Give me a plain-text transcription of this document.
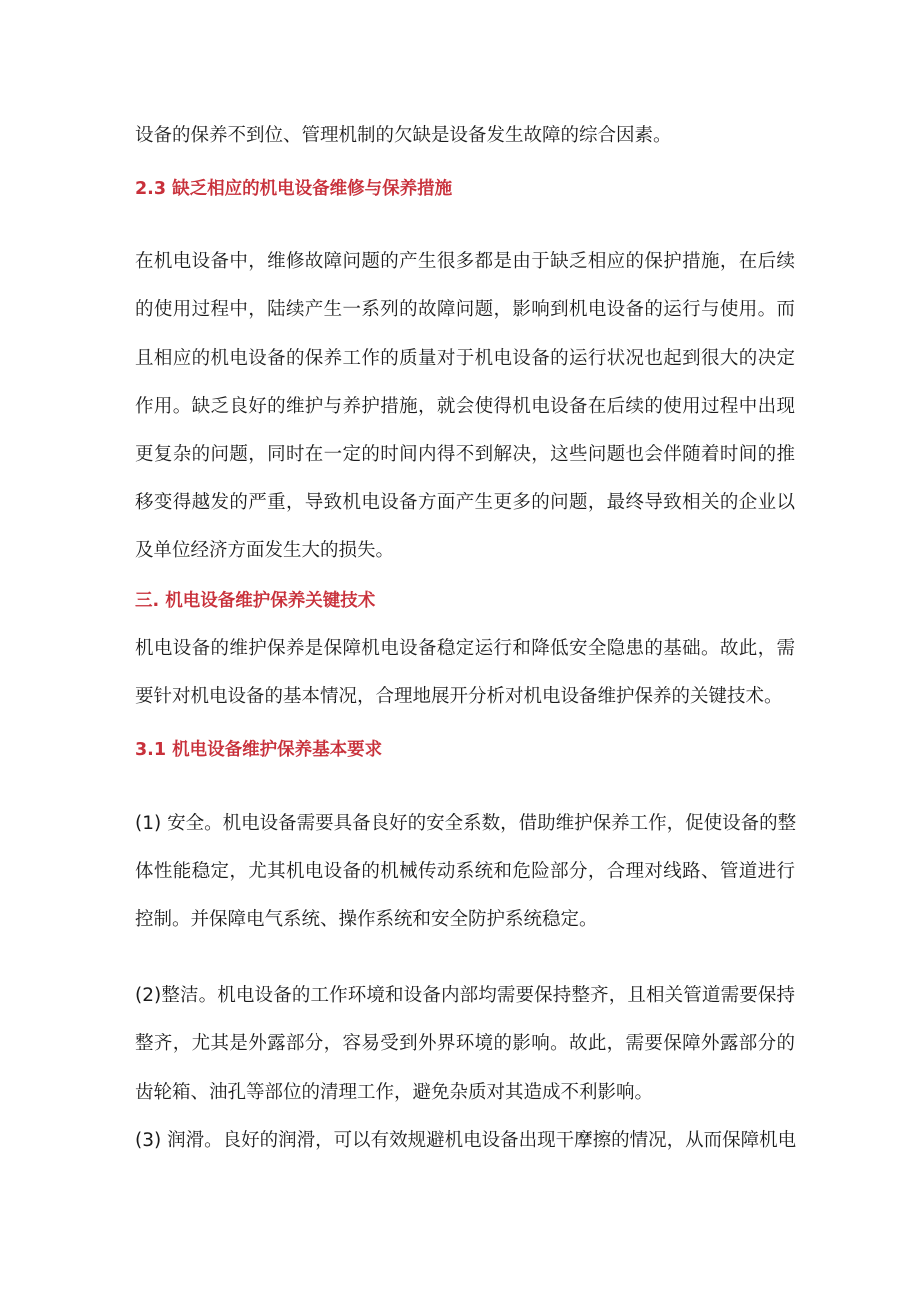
设备的保养不到位、管理机制的欠缺是设备发生故障的综合因素。
2.3 缺乏相应的机电设备维修与保养措施
在机电设备中，维修故障问题的产生很多都是由于缺乏相应的保护措施，在后续
的使用过程中，陆续产生一系列的故障问题，影响到机电设备的运行与使用。而
且相应的机电设备的保养工作的质量对于机电设备的运行状况也起到很大的决定
作用。缺乏良好的维护与养护措施，就会使得机电设备在后续的使用过程中出现
更复杂的问题，同时在一定的时间内得不到解决，这些问题也会伴随着时间的推
移变得越发的严重，导致机电设备方面产生更多的问题，最终导致相关的企业以
及单位经济方面发生大的损失。
三. 机电设备维护保养关键技术
机电设备的维护保养是保障机电设备稳定运行和降低安全隐患的基础。故此，需
要针对机电设备的基本情况，合理地展开分析对机电设备维护保养的关键技术。
3.1 机电设备维护保养基本要求
(1) 安全。机电设备需要具备良好的安全系数，借助维护保养工作，促使设备的整
体性能稳定，尤其机电设备的机械传动系统和危险部分，合理对线路、管道进行
控制。并保障电气系统、操作系统和安全防护系统稳定。
(2)整洁。机电设备的工作环境和设备内部均需要保持整齐，且相关管道需要保持
整齐，尤其是外露部分，容易受到外界环境的影响。故此，需要保障外露部分的
齿轮箱、油孔等部位的清理工作，避免杂质对其造成不利影响。
(3) 润滑。良好的润滑，可以有效规避机电设备出现干摩擦的情况，从而保障机电
